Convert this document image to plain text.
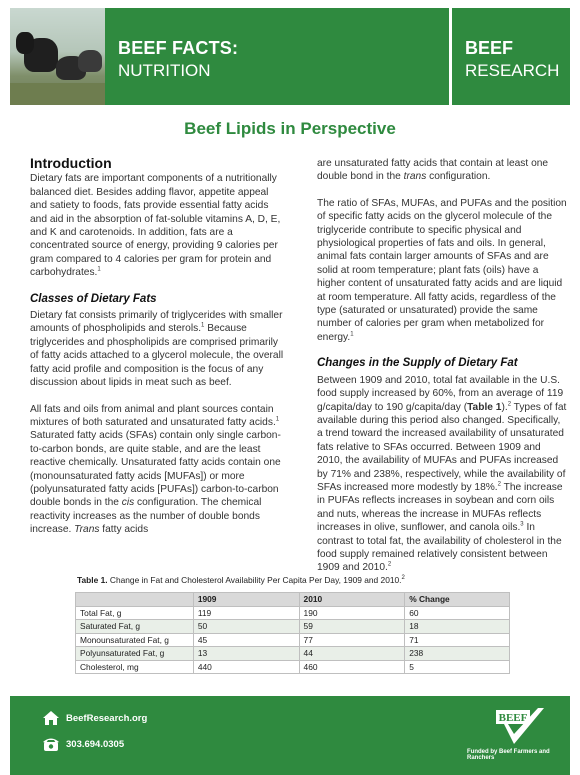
BEEF FACTS:
NUTRITION
BEEF
RESEARCH
Beef Lipids in Perspective
Introduction

Dietary fats are important components of a nutritionally balanced diet. Besides adding flavor, appetite appeal and satiety to foods, fats provide essential fatty acids and aid in the absorption of fat-soluble vitamins A, D, E, and K and carotenoids. In addition, fats are a concentrated source of energy, providing 9 calories per gram compared to 4 calories per gram for protein and carbohydrates.$^1$

Classes of Dietary Fats

Dietary fat consists primarily of triglycerides with smaller amounts of phospholipids and sterols.$^1$ Because triglycerides and phospholipids are comprised primarily of fatty acids attached to a glycerol molecule, the overall fatty acid profile and composition is the focus of any discussion about lipids in meat such as beef.

All fats and oils from animal and plant sources contain mixtures of both saturated and unsaturated fatty acids.$^1$ Saturated fatty acids (SFAs) contain only single carbon-to-carbon bonds, are quite stable, and are the least reactive chemically. Unsaturated fatty acids contain one (monounsaturated fatty acids [MUFAs]) or more (polyunsaturated fatty acids [PUFAs]) carbon-to-carbon double bonds in the cis configuration. The chemical reactivity increases as the number of double bonds increase. Trans fatty acids

are unsaturated fatty acids that contain at least one double bond in the trans configuration.

The ratio of SFAs, MUFAs, and PUFAs and the position of specific fatty acids on the glycerol molecule of the triglyceride contribute to specific physical and physiological properties of fats and oils. In general, animal fats contain larger amounts of SFAs and are solid at room temperature; plant fats (oils) have a higher content of unsaturated fatty acids and are liquid at room temperature. All fatty acids, regardless of the type (saturated or unsaturated) provide the same number of calories per gram when metabolized for energy.$^1$

Changes in the Supply of Dietary Fat

Between 1909 and 2010, total fat available in the U.S. food supply increased by 60%, from an average of 119 g/capita/day to 190 g/capita/day (Table 1).$^2$ Types of fat available during this period also changed. Specifically, a trend toward the increased availability of unsaturated fats relative to SFAs occurred. Between 1909 and 2010, the availability of MUFAs and PUFAs increased by 71% and 238%, respectively, while the availability of SFAs increased more modestly by 18%.$^2$ The increase in PUFAs reflects increases in soybean and corn oils and nuts, whereas the increase in MUFAs reflects increases in olive, sunflower, and canola oils.$^3$ In contrast to total fat, the availability of cholesterol in the food supply remained relatively consistent between 1909 and 2010.$^2$

Table 1. Change in Fat and Cholesterol Availability Per Capita Per Day, 1909 and 2010.$^2$
	1909	2010	% Change
Total Fat, g	119	190	60
Saturated Fat, g	50	59	18
Monounsaturated Fat, g	45	77	71
Polyunsaturated Fat, g	13	44	238
Cholesterol, mg	440	460	5
BeefResearch.org
303.694.0305
BEEF
Funded by Beef Farmers and Ranchers
